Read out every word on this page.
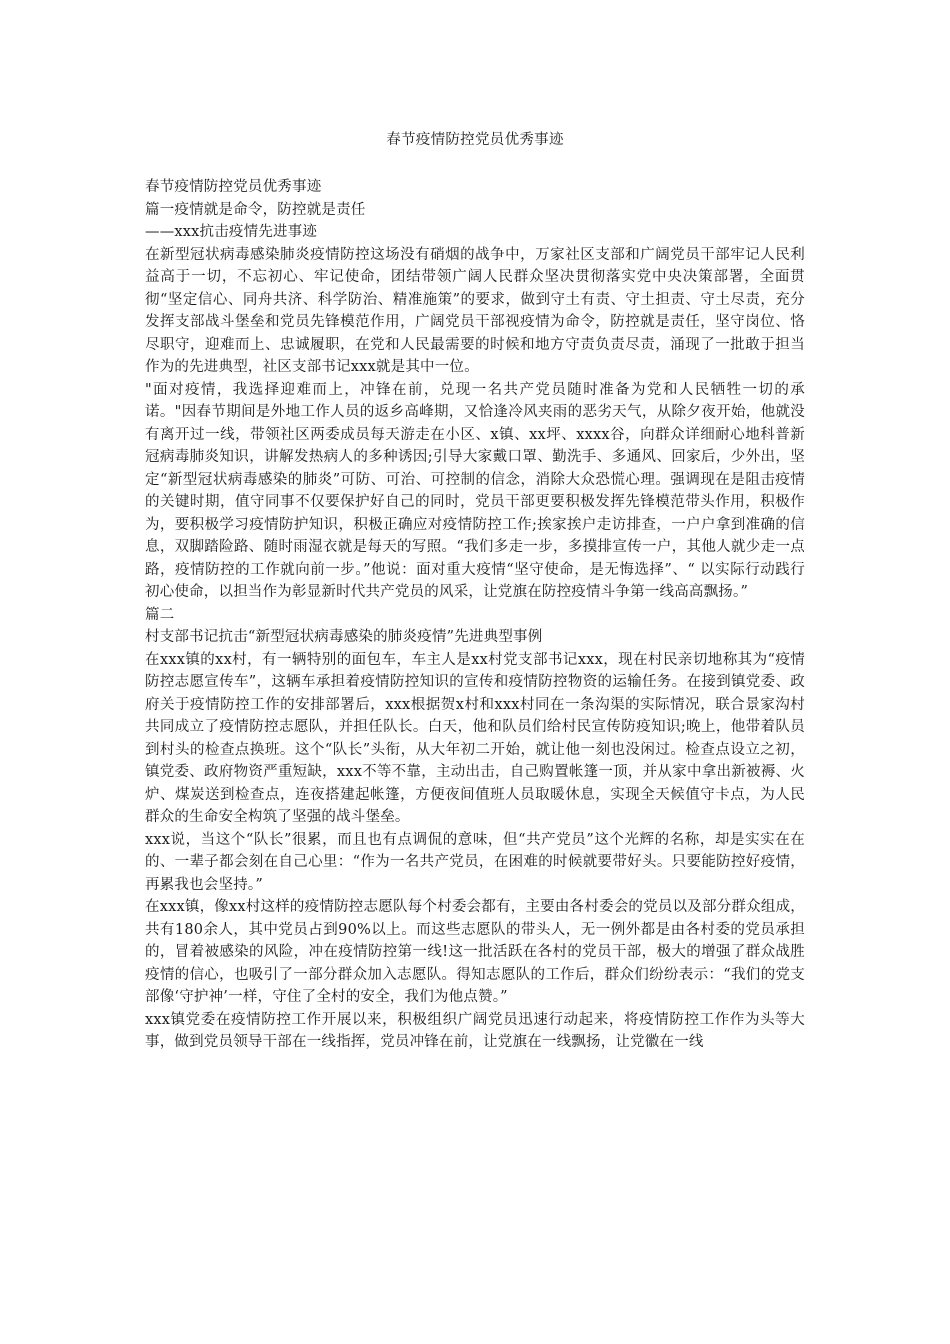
春节疫情防控党员优秀事迹

春节疫情防控党员优秀事迹

篇一疫情就是命令，防控就是责任

——xxx抗击疫情先进事迹

在新型冠状病毒感染肺炎疫情防控这场没有硝烟的战争中，万家社区支部和广阔党员干部牢记人民利益高于一切，不忘初心、牢记使命，团结带领广阔人民群众坚决贯彻落实党中央决策部署，全面贯彻“坚定信心、同舟共济、科学防治、精准施策”的要求，做到守土有责、守土担责、守土尽责，充分发挥支部战斗堡垒和党员先锋模范作用，广阔党员干部视疫情为命令，防控就是责任，坚守岗位、恪尽职守，迎难而上、忠诚履职，在党和人民最需要的时候和地方守责负责尽责，涌现了一批敢于担当作为的先进典型，社区支部书记xxx就是其中一位。

"面对疫情，我选择迎难而上，冲锋在前，兑现一名共产党员随时准备为党和人民牺牲一切的承诺。"因春节期间是外地工作人员的返乡高峰期，又恰逢冷风夹雨的恶劣天气，从除夕夜开始，他就没有离开过一线，带领社区两委成员每天游走在小区、x镇、xx坪、xxxx谷，向群众详细耐心地科普新冠病毒肺炎知识，讲解发热病人的多种诱因;引导大家戴口罩、勤洗手、多通风、回家后，少外出，坚定“新型冠状病毒感染的肺炎”可防、可治、可控制的信念，消除大众恐慌心理。强调现在是阻击疫情的关键时期，值守同事不仅要保护好自己的同时，党员干部更要积极发挥先锋模范带头作用，积极作为，要积极学习疫情防护知识，积极正确应对疫情防控工作;挨家挨户走访排查，一户户拿到准确的信息，双脚踏险路、随时雨湿衣就是每天的写照。“我们多走一步，多摸排宣传一户，其他人就少走一点路，疫情防控的工作就向前一步。”他说：面对重大疫情“坚守使命，是无悔选择”、“ 以实际行动践行初心使命，以担当作为彰显新时代共产党员的风采，让党旗在防控疫情斗争第一线高高飘扬。”

篇二

村支部书记抗击“新型冠状病毒感染的肺炎疫情”先进典型事例

在xxx镇的xx村，有一辆特别的面包车，车主人是xx村党支部书记xxx，现在村民亲切地称其为“疫情防控志愿宣传车”，这辆车承担着疫情防控知识的宣传和疫情防控物资的运输任务。在接到镇党委、政府关于疫情防控工作的安排部署后，xxx根据贺x村和xxx村同在一条沟渠的实际情况，联合景家沟村共同成立了疫情防控志愿队，并担任队长。白天，他和队员们给村民宣传防疫知识;晚上，他带着队员到村头的检查点换班。这个“队长”头衔，从大年初二开始，就让他一刻也没闲过。检查点设立之初，镇党委、政府物资严重短缺，xxx不等不靠，主动出击，自己购置帐篷一顶，并从家中拿出新被褥、火炉、煤炭送到检查点，连夜搭建起帐篷，方便夜间值班人员取暖休息，实现全天候值守卡点，为人民群众的生命安全构筑了坚强的战斗堡垒。

xxx说，当这个“队长”很累，而且也有点调侃的意味，但“共产党员”这个光辉的名称，却是实实在在的、一辈子都会刻在自己心里：“作为一名共产党员，在困难的时候就要带好头。只要能防控好疫情，再累我也会坚持。”

在xxx镇，像xx村这样的疫情防控志愿队每个村委会都有，主要由各村委会的党员以及部分群众组成，共有180余人，其中党员占到90%以上。而这些志愿队的带头人，无一例外都是由各村委的党员承担的，冒着被感染的风险，冲在疫情防控第一线!这一批活跃在各村的党员干部，极大的增强了群众战胜疫情的信心，也吸引了一部分群众加入志愿队。得知志愿队的工作后，群众们纷纷表示：“我们的党支部像‘守护神’一样，守住了全村的安全，我们为他点赞。”

xxx镇党委在疫情防控工作开展以来，积极组织广阔党员迅速行动起来，将疫情防控工作作为头等大事，做到党员领导干部在一线指挥，党员冲锋在前，让党旗在一线飘扬，让党徽在一线
